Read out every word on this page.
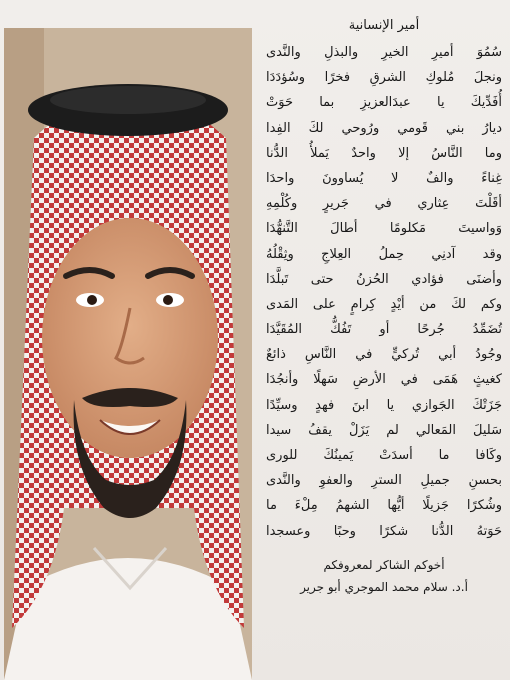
أمير الإنسانية
سُمُوَ أميرِ الخيرِ والبذلِ والنَّدى
ونجلَ مُلوكِ الشرقِ فخرًا وسُؤدَدَا
أُفَدِّيكَ يا عبدَالعزيزِ بما حَوَتْ
ديارُ بني قَومي ورُوحي لكَ الفِدا
وما النَّاسُ إلا واحدٌ يَملأُ الدُّنا
غِناءً والفٌ لا يُساوونَ واحدَا
أقَلْتَ عِثاري في جَريرٍ وكُلْمِهِ
وَواسيتَ مَكلومًا أطالَ التَّنهُّدَا
وقد آدنِي حِملُ العِلاجِ وثِقْلُهُ
وأضنَى فؤادي الحُزنُ حتى تَبلَّدَا
وكم لكَ من أيْدٍ كِرامٍ على المَدى
تُضَمِّدُ جُرحًا أو تَفُكُّ المُقَيَّدَا
وجُودُ أبي تُركيٍّ في النَّاسِ ذائعٌ
كغيثٍ هَمَى في الأرضِ سَهلًا وأنجُدَا
جَزَتْكَ الجَوازي يا ابنَ فهدٍ وسيِّدًا
سَليلَ المَعالي لم يَزَلْ يقفُ سيدا
وكَافا ما أسدَتْ يَمينُكَ للورى
بحسنِ جميلِ السترِ والعفوِ والنَّدى
وشُكرًا جَزيلًا أيُّها الشهمُ مِلْءَ ما
حَوَتهُ الدُّنا شكرًا وحبًا وعسجدا
أخوكم الشاكر لمعروفكم
أ.د. سلام محمد الموجري أبو جرير
